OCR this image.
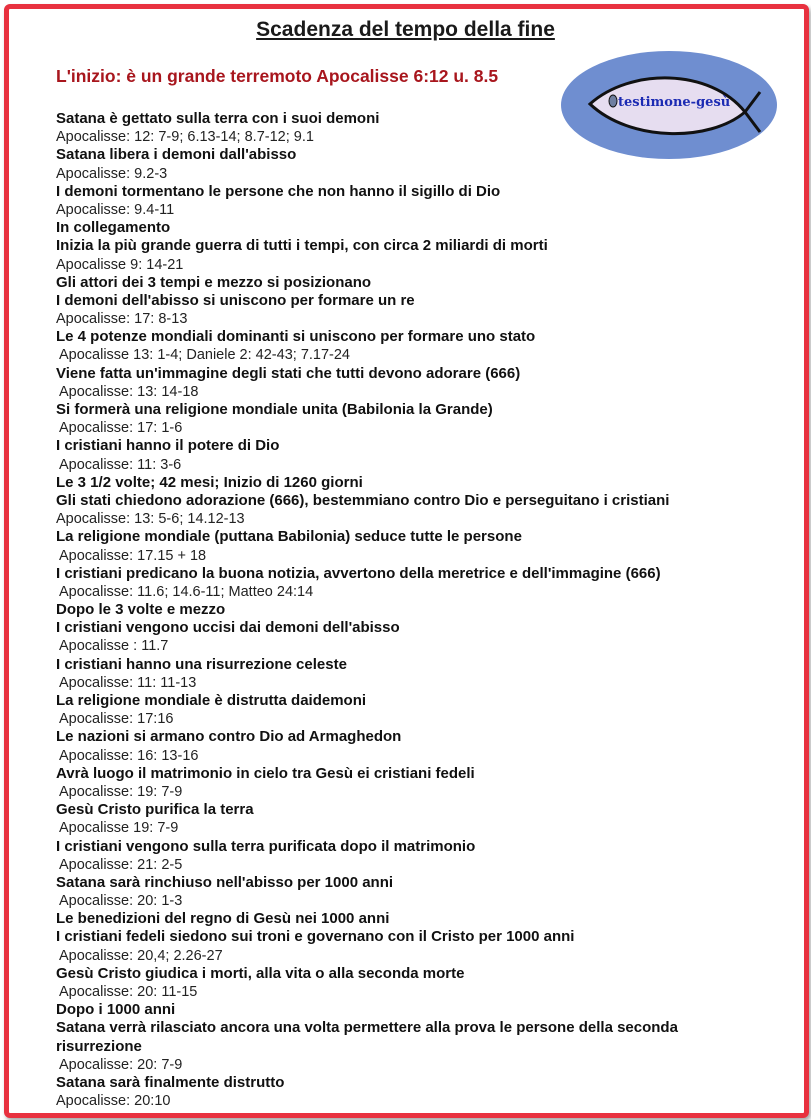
Scadenza del tempo della fine
L'inizio: è un grande terremoto Apocalisse 6:12 u. 8.5
testimone-gesù
Satana è gettato sulla terra con i suoi demoni
Apocalisse: 12: 7-9; 6.13-14; 8.7-12; 9.1
Satana libera i demoni dall'abisso
Apocalisse: 9.2-3
I demoni tormentano le persone che non hanno il sigillo di Dio
Apocalisse: 9.4-11
In collegamento
Inizia la più grande guerra di tutti i tempi, con circa 2 miliardi di morti
Apocalisse 9: 14-21
Gli attori dei 3 tempi e mezzo si posizionano
I demoni dell'abisso si uniscono per formare un re
Apocalisse: 17: 8-13
Le 4 potenze mondiali dominanti si uniscono per formare uno stato
Apocalisse 13: 1-4; Daniele 2: 42-43; 7.17-24
Viene fatta un'immagine degli stati che tutti devono adorare (666)
Apocalisse: 13: 14-18
Si formerà una religione mondiale unita (Babilonia la Grande)
Apocalisse: 17: 1-6
I cristiani hanno il potere di Dio
Apocalisse: 11: 3-6
Le 3 1/2 volte; 42 mesi; Inizio di 1260 giorni
Gli stati chiedono adorazione (666), bestemmiano contro Dio e perseguitano i cristiani
Apocalisse: 13: 5-6; 14.12-13
La religione mondiale (puttana Babilonia) seduce tutte le persone
Apocalisse: 17.15 + 18
I cristiani predicano la buona notizia, avvertono della meretrice e dell'immagine (666)
Apocalisse: 11.6; 14.6-11; Matteo 24:14
Dopo le 3 volte e mezzo
I cristiani vengono uccisi dai demoni dell'abisso
Apocalisse : 11.7
I cristiani hanno una risurrezione celeste
Apocalisse: 11: 11-13
La religione mondiale è distrutta daidemoni
Apocalisse: 17:16
Le nazioni si armano contro Dio ad Armaghedon
Apocalisse: 16: 13-16
Avrà luogo il matrimonio in cielo tra Gesù ei cristiani fedeli
Apocalisse: 19: 7-9
Gesù Cristo purifica la terra
Apocalisse 19: 7-9
I cristiani vengono sulla terra purificata dopo il matrimonio
Apocalisse: 21: 2-5
Satana sarà rinchiuso nell'abisso per 1000 anni
Apocalisse: 20: 1-3
Le benedizioni del regno di Gesù nei 1000 anni
I cristiani fedeli siedono sui troni e governano con il Cristo per 1000 anni
Apocalisse: 20,4; 2.26-27
Gesù Cristo giudica i morti, alla vita o alla seconda morte
Apocalisse: 20: 11-15
Dopo i 1000 anni
Satana verrà rilasciato ancora una volta permettere alla prova le persone della seconda
risurrezione
Apocalisse: 20: 7-9
Satana sarà finalmente distrutto
Apocalisse: 20:10
